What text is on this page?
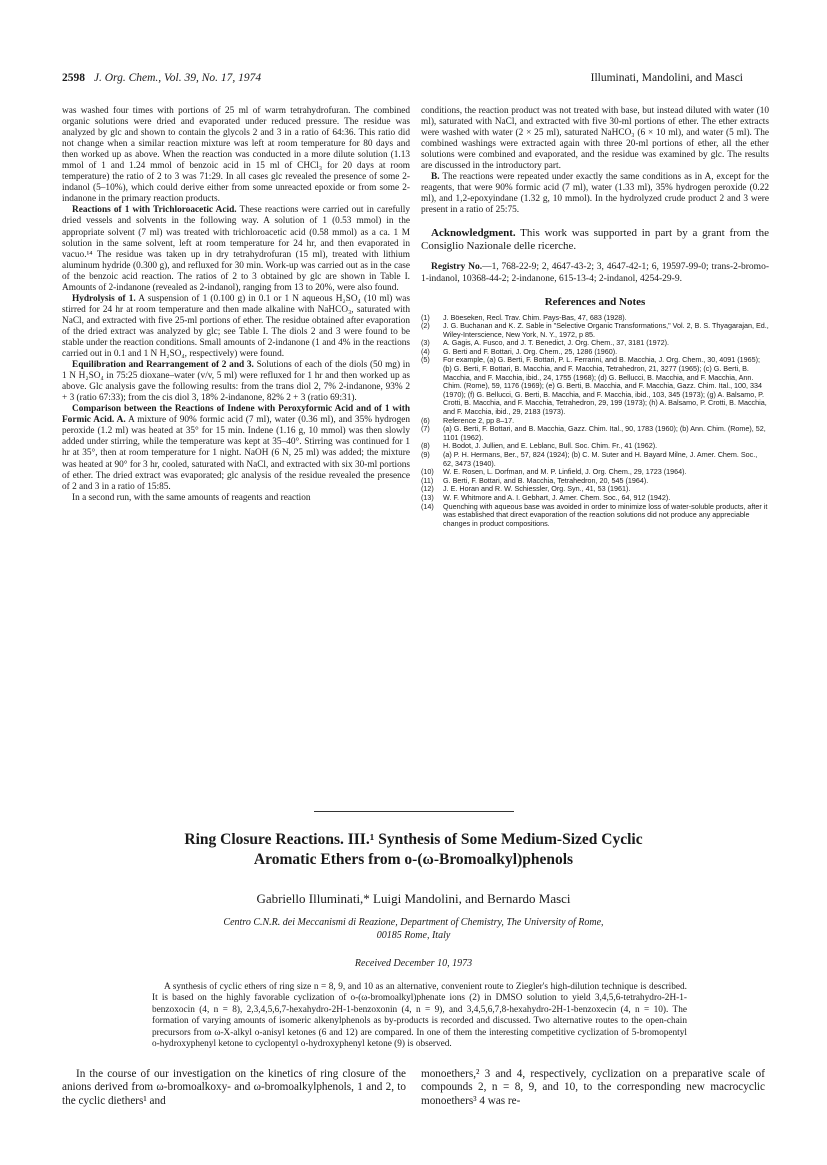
2598 J. Org. Chem., Vol. 39, No. 17, 1974	Illuminati, Mandolini, and Masci

was washed four times with portions of 25 ml of warm tetrahydrofuran. The combined organic solutions were dried and evaporated under reduced pressure. The residue was analyzed by glc and shown to contain the glycols 2 and 3 in a ratio of 64:36. This ratio did not change when a similar reaction mixture was left at room temperature for 80 days and then worked up as above. When the reaction was conducted in a more dilute solution (1.13 mmol of 1 and 1.24 mmol of benzoic acid in 15 ml of CHCl₃ for 20 days at room temperature) the ratio of 2 to 3 was 71:29. In all cases glc revealed the presence of some 2-indanol (5–10%), which could derive either from some unreacted epoxide or from some 2-indanone in the primary reaction products.

Reactions of 1 with Trichloroacetic Acid. These reactions were carried out in carefully dried vessels and solvents in the following way. A solution of 1 (0.53 mmol) in the appropriate solvent (7 ml) was treated with trichloroacetic acid (0.58 mmol) as a ca. 1 M solution in the same solvent, left at room temperature for 24 hr, and then evaporated in vacuo.¹⁴ The residue was taken up in dry tetrahydrofuran (15 ml), treated with lithium aluminum hydride (0.300 g), and refluxed for 30 min. Work-up was carried out as in the case of the benzoic acid reaction. The ratios of 2 to 3 obtained by glc are shown in Table I. Amounts of 2-indanone (revealed as 2-indanol), ranging from 13 to 20%, were also found.

Hydrolysis of 1. A suspension of 1 (0.100 g) in 0.1 or 1 N aqueous H₂SO₄ (10 ml) was stirred for 24 hr at room temperature and then made alkaline with NaHCO₃, saturated with NaCl, and extracted with five 25-ml portions of ether. The residue obtained after evaporation of the dried extract was analyzed by glc; see Table I. The diols 2 and 3 were found to be stable under the reaction conditions. Small amounts of 2-indanone (1 and 4% in the reactions carried out in 0.1 and 1 N H₂SO₄, respectively) were found.

Equilibration and Rearrangement of 2 and 3. Solutions of each of the diols (50 mg) in 1 N H₂SO₄ in 75:25 dioxane–water (v/v, 5 ml) were refluxed for 1 hr and then worked up as above. Glc analysis gave the following results: from the trans diol 2, 7% 2-indanone, 93% 2 + 3 (ratio 67:33); from the cis diol 3, 18% 2-indanone, 82% 2 + 3 (ratio 69:31).

Comparison between the Reactions of Indene with Peroxyformic Acid and of 1 with Formic Acid. A. A mixture of 90% formic acid (7 ml), water (0.36 ml), and 35% hydrogen peroxide (1.2 ml) was heated at 35° for 15 min. Indene (1.16 g, 10 mmol) was then slowly added under stirring, while the temperature was kept at 35–40°. Stirring was continued for 1 hr at 35°, then at room temperature for 1 night. NaOH (6 N, 25 ml) was added; the mixture was heated at 90° for 3 hr, cooled, saturated with NaCl, and extracted with six 30-ml portions of ether. The dried extract was evaporated; glc analysis of the residue revealed the presence of 2 and 3 in a ratio of 15:85.

In a second run, with the same amounts of reagents and reaction

conditions, the reaction product was not treated with base, but instead diluted with water (10 ml), saturated with NaCl, and extracted with five 30-ml portions of ether. The ether extracts were washed with water (2 × 25 ml), saturated NaHCO₃ (6 × 10 ml), and water (5 ml). The combined washings were extracted again with three 20-ml portions of ether, all the ether solutions were combined and evaporated, and the residue was examined by glc. The results are discussed in the introductory part.

B. The reactions were repeated under exactly the same conditions as in A, except for the reagents, that were 90% formic acid (7 ml), water (1.33 ml), 35% hydrogen peroxide (0.22 ml), and 1,2-epoxyindane (1.32 g, 10 mmol). In the hydrolyzed crude product 2 and 3 were present in a ratio of 25:75.

Acknowledgment. This work was supported in part by a grant from the Consiglio Nazionale delle ricerche.

Registry No.—1, 768-22-9; 2, 4647-43-2; 3, 4647-42-1; 6, 19597-99-0; trans-2-bromo-1-indanol, 10368-44-2; 2-indanone, 615-13-4; 2-indanol, 4254-29-9.

References and Notes
(1)	J. Böeseken, Recl. Trav. Chim. Pays-Bas, 47, 683 (1928).
(2)	J. G. Buchanan and K. Z. Sable in "Selective Organic Transformations," Vol. 2, B. S. Thyagarajan, Ed., Wiley-Interscience, New York, N. Y., 1972, p 85.
(3)	A. Gagis, A. Fusco, and J. T. Benedict, J. Org. Chem., 37, 3181 (1972).
(4)	G. Berti and F. Bottari, J. Org. Chem., 25, 1286 (1960).
(5)	For example, (a) G. Berti, F. Bottari, P. L. Ferrarini, and B. Macchia, J. Org. Chem., 30, 4091 (1965); (b) G. Berti, F. Bottari, B. Macchia, and F. Macchia, Tetrahedron, 21, 3277 (1965); (c) G. Berti, B. Macchia, and F. Macchia, ibid., 24, 1755 (1968); (d) G. Bellucci, B. Macchia, and F. Macchia, Ann. Chim. (Rome), 59, 1176 (1969); (e) G. Berti, B. Macchia, and F. Macchia, Gazz. Chim. Ital., 100, 334 (1970); (f) G. Bellucci, G. Berti, B. Macchia, and F. Macchia, ibid., 103, 345 (1973); (g) A. Balsamo, P. Crotti, B. Macchia, and F. Macchia, Tetrahedron, 29, 199 (1973); (h) A. Balsamo, P. Crotti, B. Macchia, and F. Macchia, ibid., 29, 2183 (1973).
(6)	Reference 2, pp 8–17.
(7)	(a) G. Berti, F. Bottari, and B. Macchia, Gazz. Chim. Ital., 90, 1783 (1960); (b) Ann. Chim. (Rome), 52, 1101 (1962).
(8)	H. Bodot, J. Jullien, and E. Leblanc, Bull. Soc. Chim. Fr., 41 (1962).
(9)	(a) P. H. Hermans, Ber., 57, 824 (1924); (b) C. M. Suter and H. Bayard Milne, J. Amer. Chem. Soc., 62, 3473 (1940).
(10)	W. E. Rosen, L. Dorfman, and M. P. Linfield, J. Org. Chem., 29, 1723 (1964).
(11)	G. Berti, F. Bottari, and B. Macchia, Tetrahedron, 20, 545 (1964).
(12)	J. E. Horan and R. W. Schiessler, Org. Syn., 41, 53 (1961).
(13)	W. F. Whitmore and A. I. Gebhart, J. Amer. Chem. Soc., 64, 912 (1942).
(14)	Quenching with aqueous base was avoided in order to minimize loss of water-soluble products, after it was established that direct evaporation of the reaction solutions did not produce any appreciable changes in product compositions.
Ring Closure Reactions. III.¹ Synthesis of Some Medium-Sized Cyclic
Aromatic Ethers from o-(ω-Bromoalkyl)phenols
Gabriello Illuminati,* Luigi Mandolini, and Bernardo Masci
Centro C.N.R. dei Meccanismi di Reazione, Department of Chemistry, The University of Rome,
00185 Rome, Italy
Received December 10, 1973

A synthesis of cyclic ethers of ring size n = 8, 9, and 10 as an alternative, convenient route to Ziegler's high-dilution technique is described. It is based on the highly favorable cyclization of o-(ω-bromoalkyl)phenate ions (2) in DMSO solution to yield 3,4,5,6-tetrahydro-2H-1-benzoxocin (4, n = 8), 2,3,4,5,6,7-hexahydro-2H-1-benzoxonin (4, n = 9), and 3,4,5,6,7,8-hexahydro-2H-1-benzoxecin (4, n = 10). The formation of varying amounts of isomeric alkenylphenols as by-products is recorded and discussed. Two alternative routes to the open-chain precursors from ω-X-alkyl o-anisyl ketones (6 and 12) are compared. In one of them the interesting competitive cyclization of 5-bromopentyl o-hydroxyphenyl ketone to cyclopentyl o-hydroxyphenyl ketone (9) is observed.

In the course of our investigation on the kinetics of ring closure of the anions derived from ω-bromoalkoxy- and ω-bromoalkylphenols, 1 and 2, to the cyclic diethers¹ and

monoethers,² 3 and 4, respectively, cyclization on a preparative scale of compounds 2, n = 8, 9, and 10, to the corresponding new macrocyclic monoethers³ 4 was re-
